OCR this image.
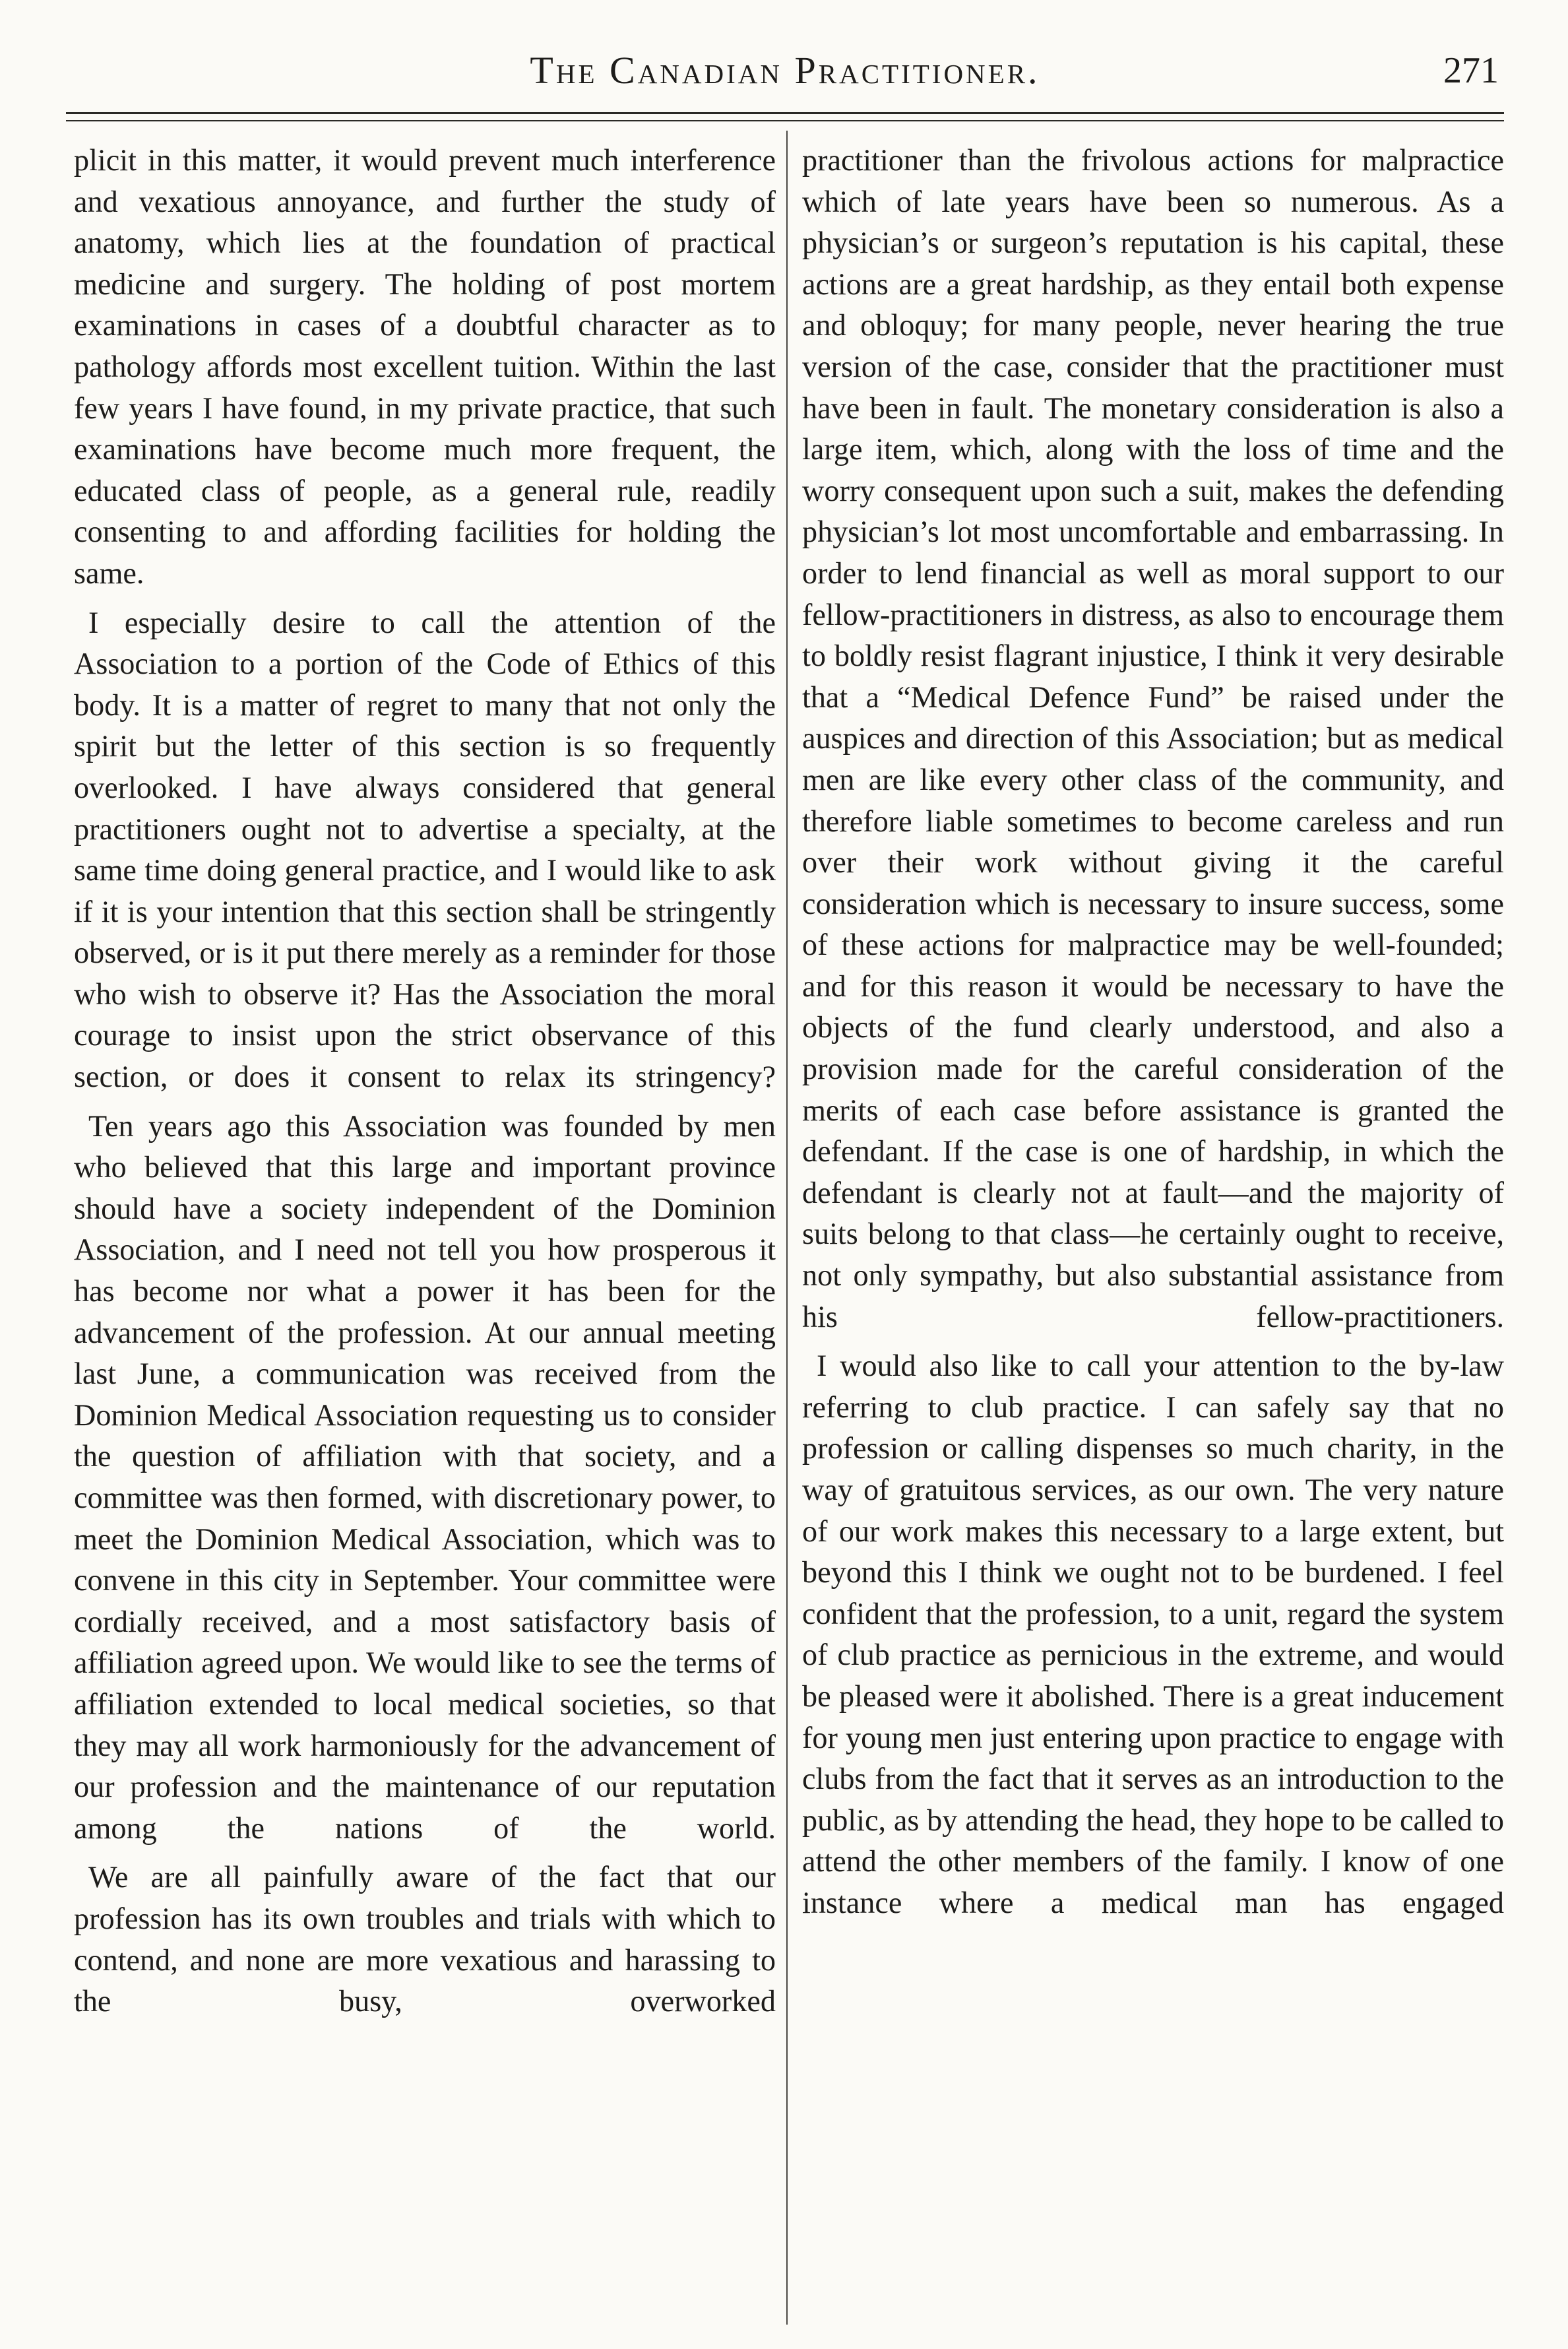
The Canadian Practitioner.	271

plicit in this matter, it would prevent much interference and vexatious annoyance, and further the study of anatomy, which lies at the foundation of practical medicine and surgery. The holding of post mortem examinations in cases of a doubtful character as to pathology affords most excellent tuition. Within the last few years I have found, in my private practice, that such examinations have become much more frequent, the educated class of people, as a general rule, readily consenting to and affording facilities for holding the same.

I especially desire to call the attention of the Association to a portion of the Code of Ethics of this body. It is a matter of regret to many that not only the spirit but the letter of this section is so frequently overlooked. I have always considered that general practitioners ought not to advertise a specialty, at the same time doing general practice, and I would like to ask if it is your intention that this section shall be stringently observed, or is it put there merely as a reminder for those who wish to observe it? Has the Association the moral courage to insist upon the strict observance of this section, or does it consent to relax its stringency?

Ten years ago this Association was founded by men who believed that this large and important province should have a society independent of the Dominion Association, and I need not tell you how prosperous it has become nor what a power it has been for the advancement of the profession. At our annual meeting last June, a communication was received from the Dominion Medical Association requesting us to consider the question of affiliation with that society, and a committee was then formed, with discretionary power, to meet the Dominion Medical Association, which was to convene in this city in September. Your committee were cordially received, and a most satisfactory basis of affiliation agreed upon. We would like to see the terms of affiliation extended to local medical societies, so that they may all work harmoniously for the advancement of our profession and the maintenance of our reputation among the nations of the world.

We are all painfully aware of the fact that our profession has its own troubles and trials with which to contend, and none are more vexatious and harassing to the busy, overworked

practitioner than the frivolous actions for malpractice which of late years have been so numerous. As a physician’s or surgeon’s reputation is his capital, these actions are a great hardship, as they entail both expense and obloquy; for many people, never hearing the true version of the case, consider that the practitioner must have been in fault. The monetary consideration is also a large item, which, along with the loss of time and the worry consequent upon such a suit, makes the defending physician’s lot most uncomfortable and embarrassing. In order to lend financial as well as moral support to our fellow-practitioners in distress, as also to encourage them to boldly resist flagrant injustice, I think it very desirable that a “Medical Defence Fund” be raised under the auspices and direction of this Association; but as medical men are like every other class of the community, and therefore liable sometimes to become careless and run over their work without giving it the careful consideration which is necessary to insure success, some of these actions for malpractice may be well-founded; and for this reason it would be necessary to have the objects of the fund clearly understood, and also a provision made for the careful consideration of the merits of each case before assistance is granted the defendant. If the case is one of hardship, in which the defendant is clearly not at fault—and the majority of suits belong to that class—he certainly ought to receive, not only sympathy, but also substantial assistance from his fellow-practitioners.

I would also like to call your attention to the by-law referring to club practice. I can safely say that no profession or calling dispenses so much charity, in the way of gratuitous services, as our own. The very nature of our work makes this necessary to a large extent, but beyond this I think we ought not to be burdened. I feel confident that the profession, to a unit, regard the system of club practice as pernicious in the extreme, and would be pleased were it abolished. There is a great inducement for young men just entering upon practice to engage with clubs from the fact that it serves as an introduction to the public, as by attending the head, they hope to be called to attend the other members of the family. I know of one instance where a medical man has engaged
